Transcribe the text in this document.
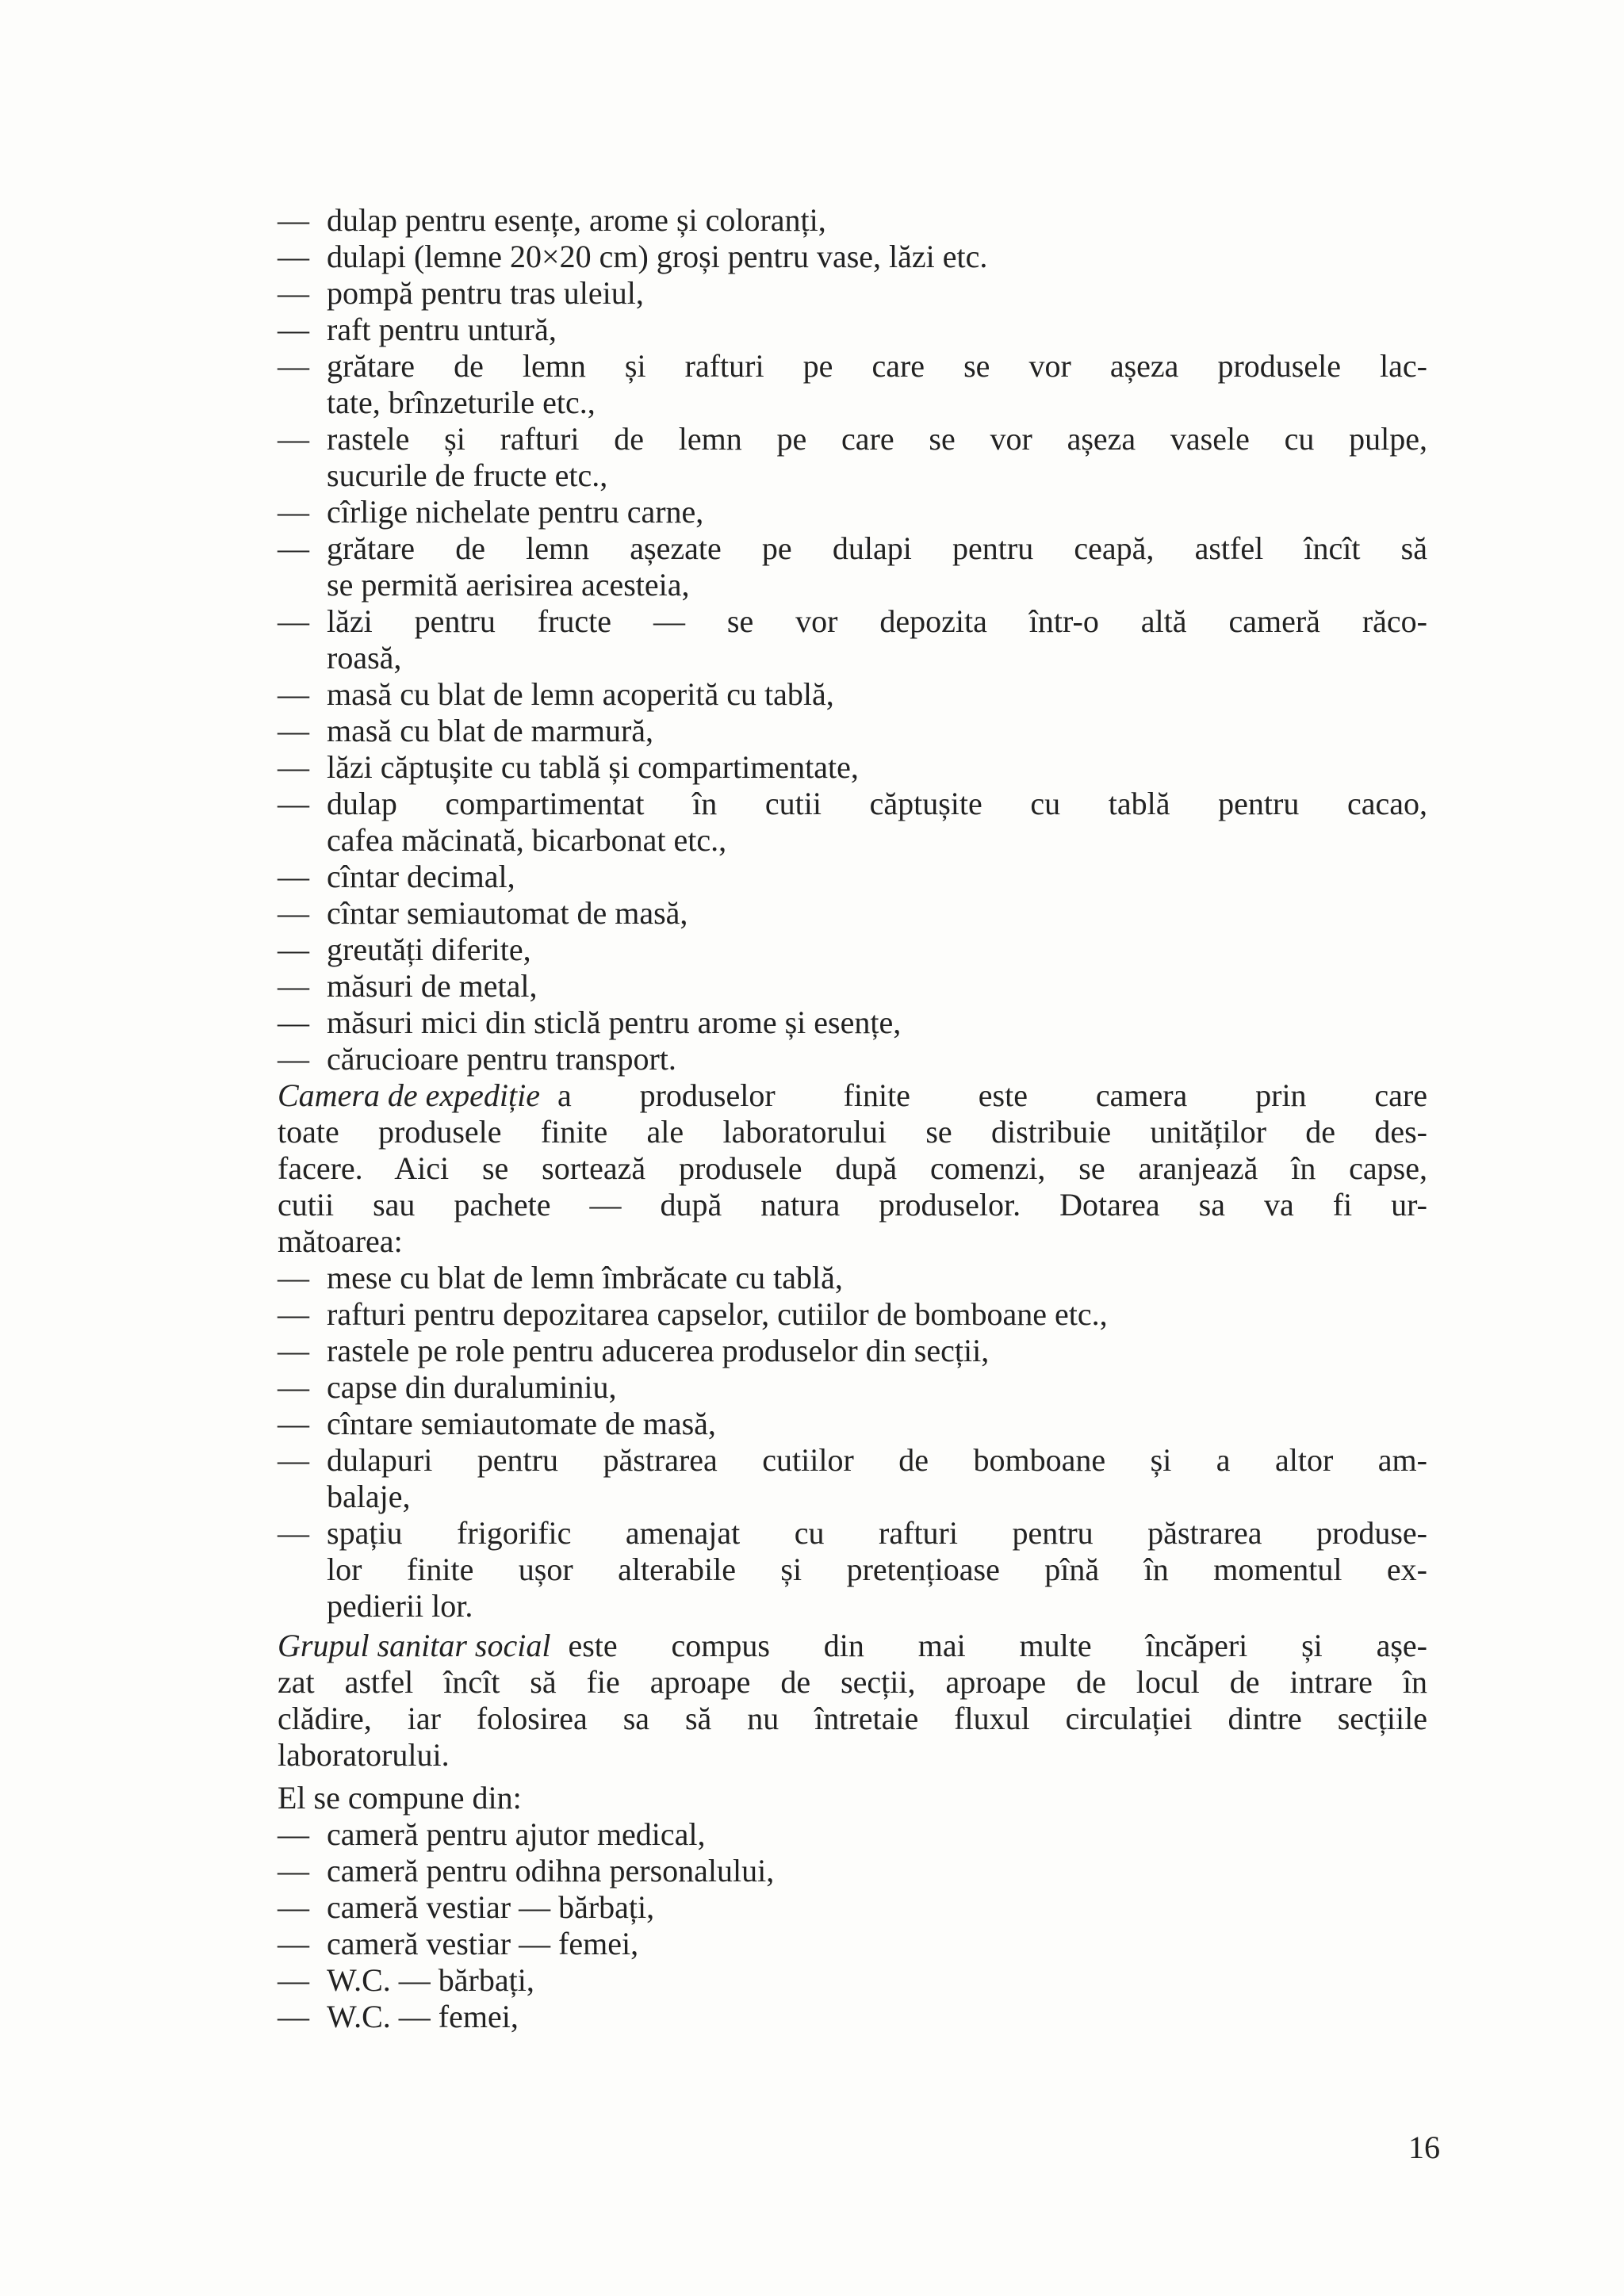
— dulap pentru esențe, arome și coloranți,
— dulapi (lemne 20×20 cm) groși pentru vase, lăzi etc.
— pompă pentru tras uleiul,
— raft pentru untură,
— grătare de lemn și rafturi pe care se vor așeza produsele lac-
tate, brînzeturile etc.,
— rastele și rafturi de lemn pe care se vor așeza vasele cu pulpe,
sucurile de fructe etc.,
— cîrlige nichelate pentru carne,
— grătare de lemn așezate pe dulapi pentru ceapă, astfel încît să
se permită aerisirea acesteia,
— lăzi pentru fructe — se vor depozita într-o altă cameră răco-
roasă,
— masă cu blat de lemn acoperită cu tablă,
— masă cu blat de marmură,
— lăzi căptușite cu tablă și compartimentate,
— dulap compartimentat în cutii căptușite cu tablă pentru cacao,
cafea măcinată, bicarbonat etc.,
— cîntar decimal,
— cîntar semiautomat de masă,
— greutăți diferite,
— măsuri de metal,
— măsuri mici din sticlă pentru arome și esențe,
— cărucioare pentru transport.
Camera de expediție a produselor finite este camera prin care
toate produsele finite ale laboratorului se distribuie unităților de des-
facere. Aici se sortează produsele după comenzi, se aranjează în capse,
cutii sau pachete — după natura produselor. Dotarea sa va fi ur-
mătoarea:
— mese cu blat de lemn îmbrăcate cu tablă,
— rafturi pentru depozitarea capselor, cutiilor de bomboane etc.,
— rastele pe role pentru aducerea produselor din secții,
— capse din duraluminiu,
— cîntare semiautomate de masă,
— dulapuri pentru păstrarea cutiilor de bomboane și a altor am-
balaje,
— spațiu frigorific amenajat cu rafturi pentru păstrarea produse-
lor finite ușor alterabile și pretențioase pînă în momentul ex-
pedierii lor.
Grupul sanitar social este compus din mai multe încăperi și așe-
zat astfel încît să fie aproape de secții, aproape de locul de intrare în
clădire, iar folosirea sa să nu întretaie fluxul circulației dintre secțiile
laboratorului.
El se compune din:
— cameră pentru ajutor medical,
— cameră pentru odihna personalului,
— cameră vestiar — bărbați,
— cameră vestiar — femei,
— W.C. — bărbați,
— W.C. — femei,
16
